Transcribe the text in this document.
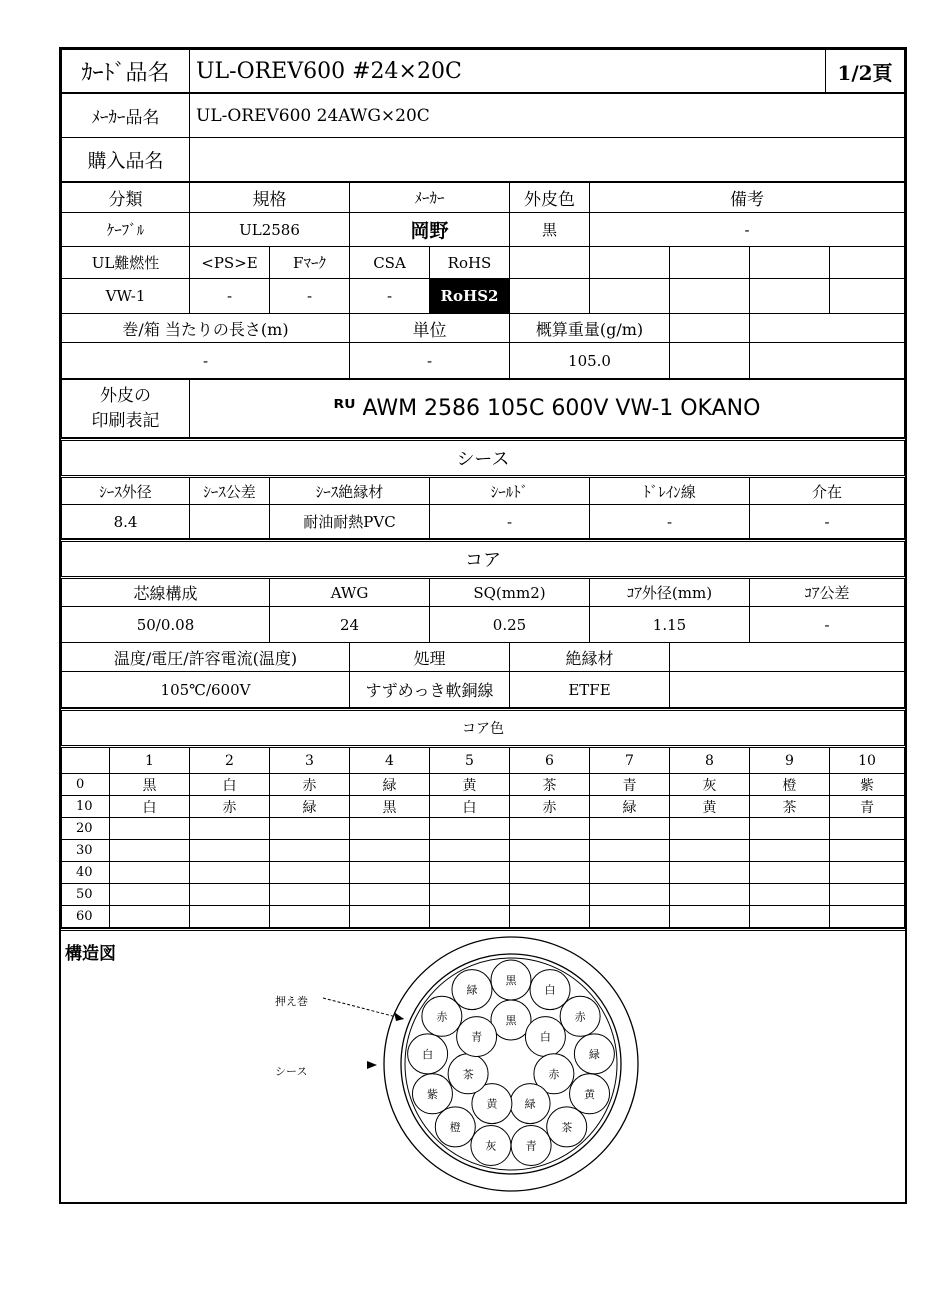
ｶｰﾄﾞ品名	UL-OREV600 #24×20C	1/2頁
ﾒｰｶｰ品名	UL-OREV600 24AWG×20C
購入品名	
分類	規格		ﾒｰｶｰ		外皮色	備考			
ｹｰﾌﾞﾙ	UL2586		岡野		黒	-			
UL難燃性	<PS>E	Fﾏｰｸ	CSA	RoHS					
VW-1	-	-	-	RoHS2					
巻/箱 当たりの長さ(m)			単位		概算重量(g/m)				
-			-		105.0				
外皮の
印刷表記	ᴿᵁ AWM 2586 105C 600V VW-1 OKANO
シース					
ｼｰｽ外径	ｼｰｽ公差	ｼｰｽ絶縁材	ｼｰﾙﾄﾞ	ﾄﾞﾚｲﾝ線	介在
8.4		耐油耐熱PVC	-	-	-
コア							
芯線構成	AWG		SQ(mm2)		ｺｱ外径(mm)		ｺｱ公差
50/0.08	24		0.25		1.15		-
温度/電圧/許容電流(温度)		処理		絶縁材			
105℃/600V		すずめっき軟銅線		ETFE			
コア色										
	1	2	3	4	5	6	7	8	9	10
0	黒	白	赤	緑	黄	茶	青	灰	橙	紫
10	白	赤	緑	黒	白	赤	緑	黄	茶	青
20										
30										
40										
50										
60										
構造図
押え巻
シース
黒
白
赤
緑
黄
茶
青
灰
橙
紫
白
赤
緑
黒
白
赤
緑
黄
茶
青
